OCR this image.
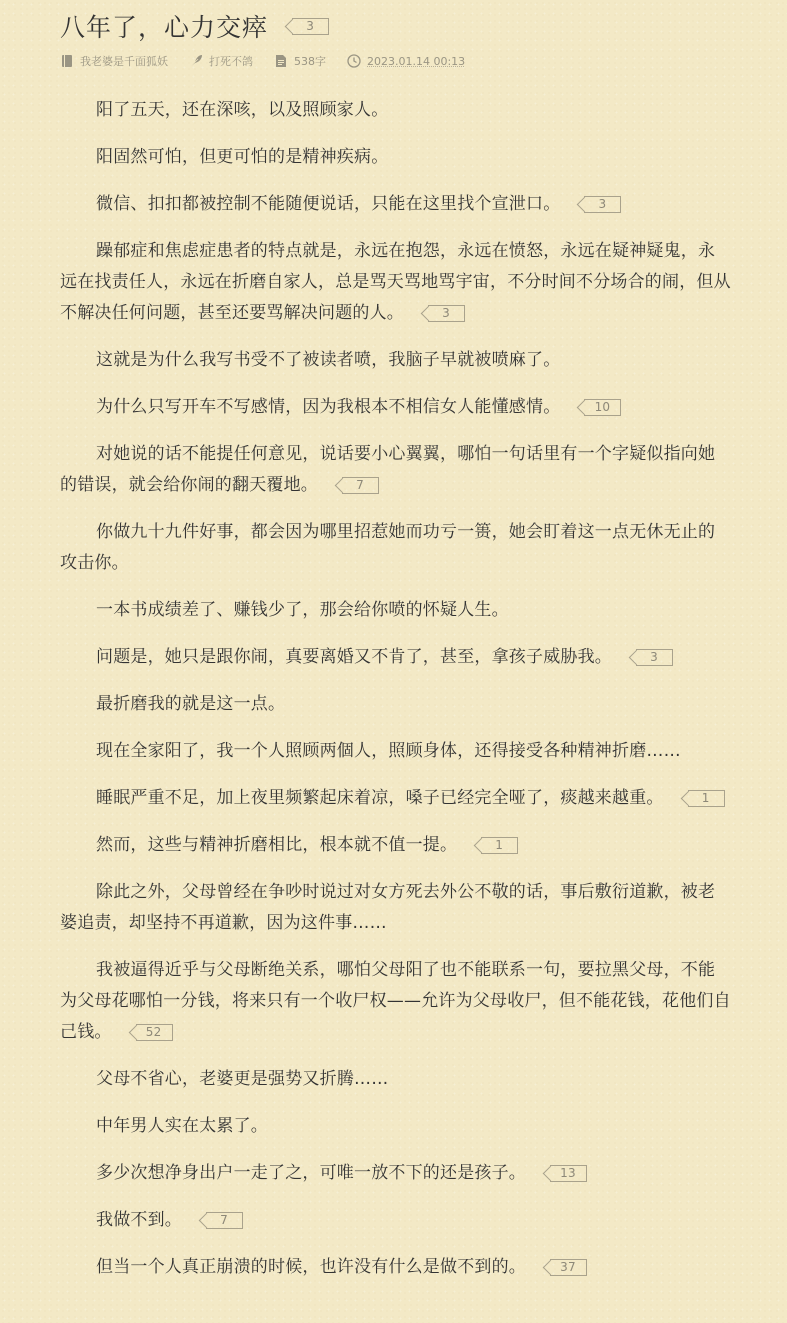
八年了，心力交瘁	3
我老婆是千面狐妖	打死不鸽	538字	2023.01.14 00:13

阳了五天，还在深咳，以及照顾家人。

阳固然可怕，但更可怕的是精神疾病。

微信、扣扣都被控制不能随便说话，只能在这里找个宣泄口。	3

躁郁症和焦虑症患者的特点就是，永远在抱怨，永远在愤怒，永远在疑神疑鬼，永远在找责任人，永远在折磨自家人，总是骂天骂地骂宇宙，不分时间不分场合的闹，但从不解决任何问题，甚至还要骂解决问题的人。	3

这就是为什么我写书受不了被读者喷，我脑子早就被喷麻了。

为什么只写开车不写感情，因为我根本不相信女人能懂感情。	10

对她说的话不能提任何意见，说话要小心翼翼，哪怕一句话里有一个字疑似指向她的错误，就会给你闹的翻天覆地。	7

你做九十九件好事，都会因为哪里招惹她而功亏一篑，她会盯着这一点无休无止的攻击你。

一本书成绩差了、赚钱少了，那会给你喷的怀疑人生。

问题是，她只是跟你闹，真要离婚又不肯了，甚至，拿孩子威胁我。	3

最折磨我的就是这一点。

现在全家阳了，我一个人照顾两個人，照顾身体，还得接受各种精神折磨……

睡眠严重不足，加上夜里频繁起床着凉，嗓子已经完全哑了，痰越来越重。	1

然而，这些与精神折磨相比，根本就不值一提。	1

除此之外，父母曾经在争吵时说过对女方死去外公不敬的话，事后敷衍道歉，被老婆追责，却坚持不再道歉，因为这件事……

我被逼得近乎与父母断绝关系，哪怕父母阳了也不能联系一句，要拉黑父母，不能为父母花哪怕一分钱，将来只有一个收尸权——允许为父母收尸，但不能花钱，花他们自己钱。	52

父母不省心，老婆更是强势又折腾……

中年男人实在太累了。

多少次想净身出户一走了之，可唯一放不下的还是孩子。	13

我做不到。	7

但当一个人真正崩溃的时候，也许没有什么是做不到的。	37
